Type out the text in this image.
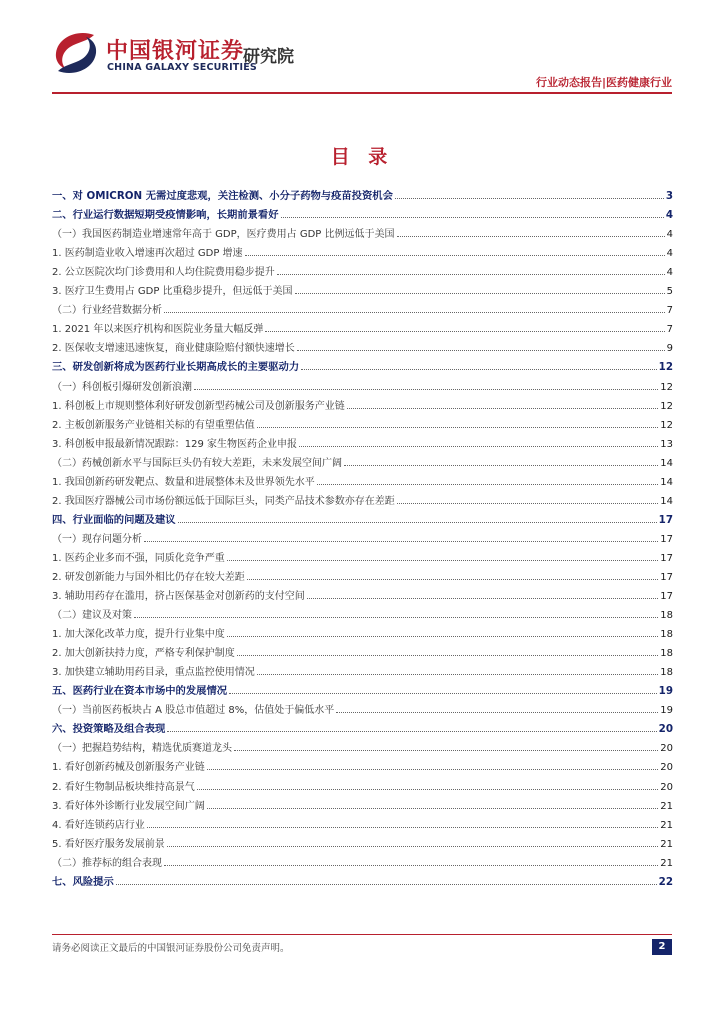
中国银河证券
CHINA GALAXY SECURITIES
研究院
行业动态报告|医药健康行业
目 录
一、对 OMICRON 无需过度悲观，关注检测、小分子药物与疫苗投资机会	3
二、行业运行数据短期受疫情影响，长期前景看好	4
（一）我国医药制造业增速常年高于 GDP，医疗费用占 GDP 比例远低于美国	4
1. 医药制造业收入增速再次超过 GDP 增速	4
2. 公立医院次均门诊费用和人均住院费用稳步提升	4
3. 医疗卫生费用占 GDP 比重稳步提升，但远低于美国	5
（二）行业经营数据分析	7
1. 2021 年以来医疗机构和医院业务量大幅反弹	7
2. 医保收支增速迅速恢复，商业健康险赔付额快速增长	9
三、研发创新将成为医药行业长期高成长的主要驱动力	12
（一）科创板引爆研发创新浪潮	12
1. 科创板上市规则整体利好研发创新型药械公司及创新服务产业链	12
2. 主板创新服务产业链相关标的有望重塑估值	12
3. 科创板申报最新情况跟踪：129 家生物医药企业申报	13
（二）药械创新水平与国际巨头仍有较大差距，未来发展空间广阔	14
1. 我国创新药研发靶点、数量和进展整体未及世界领先水平	14
2. 我国医疗器械公司市场份额远低于国际巨头，同类产品技术参数亦存在差距	14
四、行业面临的问题及建议	17
（一）现存问题分析	17
1. 医药企业多而不强，同质化竞争严重	17
2. 研发创新能力与国外相比仍存在较大差距	17
3. 辅助用药存在滥用，挤占医保基金对创新药的支付空间	17
（二）建议及对策	18
1. 加大深化改革力度，提升行业集中度	18
2. 加大创新扶持力度，严格专利保护制度	18
3. 加快建立辅助用药目录，重点监控使用情况	18
五、医药行业在资本市场中的发展情况	19
（一）当前医药板块占 A 股总市值超过 8%，估值处于偏低水平	19
六、投资策略及组合表现	20
（一）把握趋势结构，精选优质赛道龙头	20
1. 看好创新药械及创新服务产业链	20
2. 看好生物制品板块维持高景气	20
3. 看好体外诊断行业发展空间广阔	21
4. 看好连锁药店行业	21
5. 看好医疗服务发展前景	21
（二）推荐标的组合表现	21
七、风险提示	22
请务必阅读正文最后的中国银河证券股份公司免责声明。	2
